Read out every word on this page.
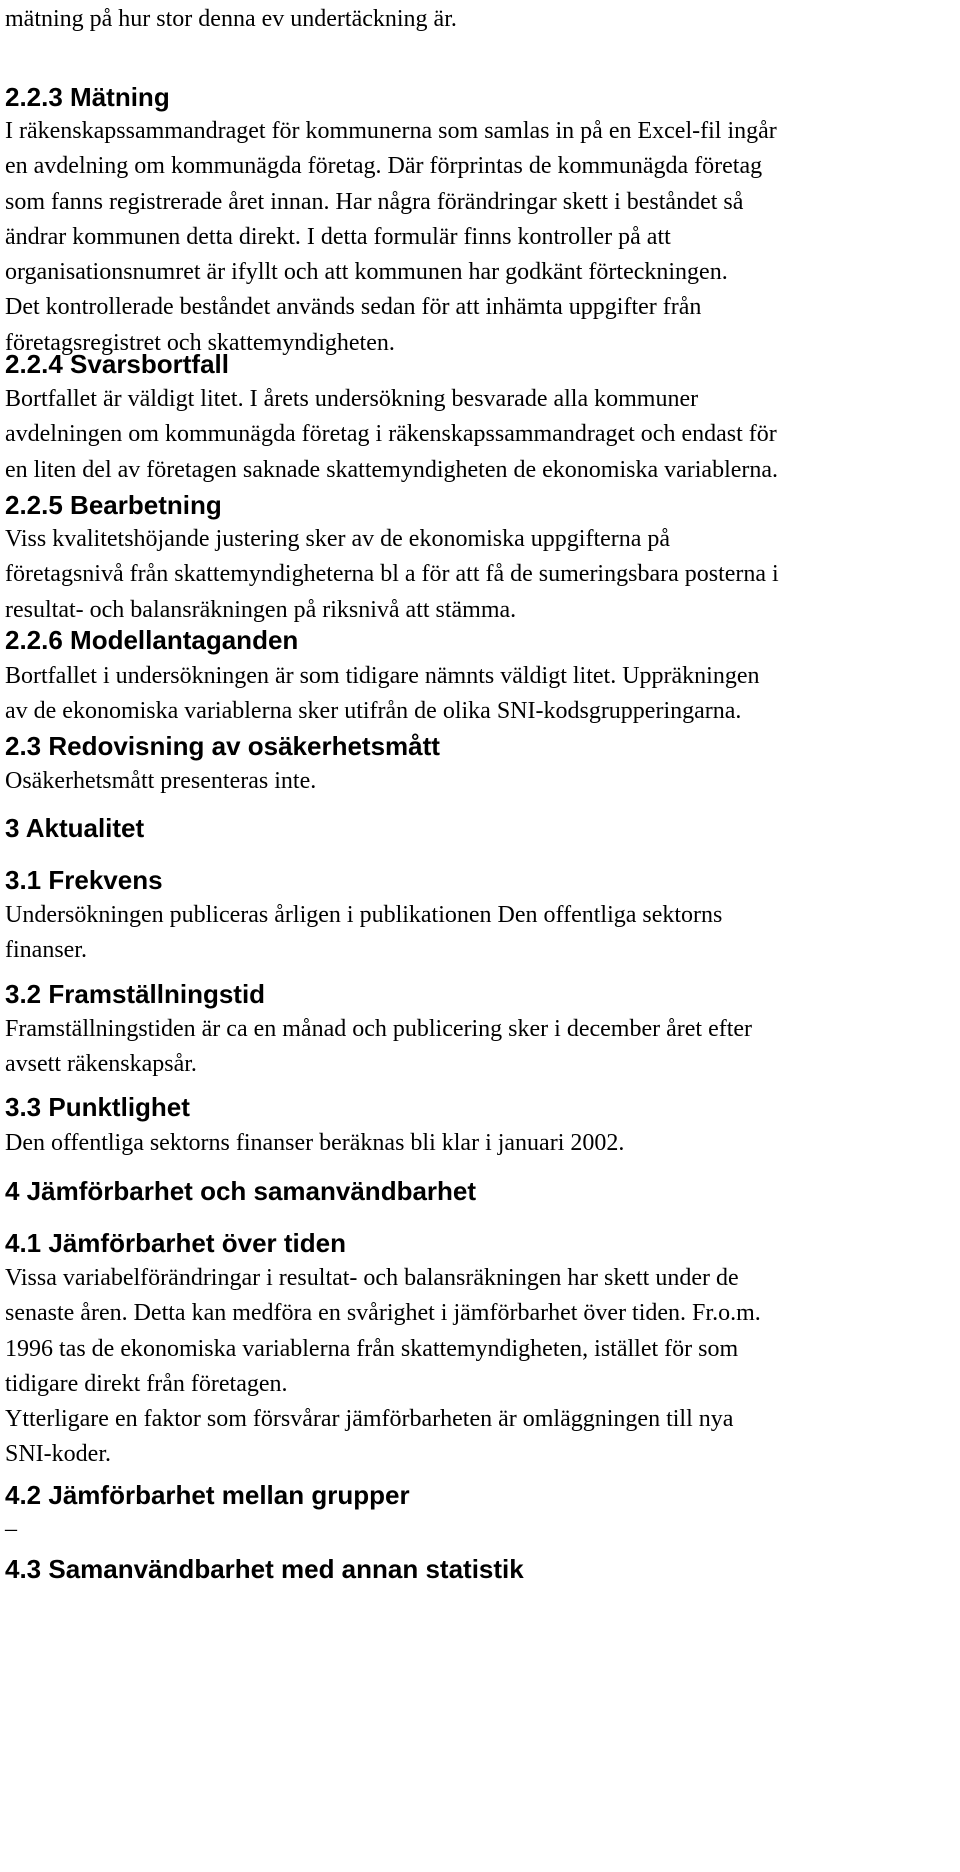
mätning på hur stor denna ev undertäckning är.
2.2.3 Mätning
I räkenskapssammandraget för kommunerna som samlas in på en Excel-fil ingår
en avdelning om kommunägda företag. Där förprintas de kommunägda företag
som fanns registrerade året innan. Har några förändringar skett i beståndet så
ändrar kommunen detta direkt. I detta formulär finns kontroller på att
organisationsnumret är ifyllt och att kommunen har godkänt förteckningen.
Det kontrollerade beståndet används sedan för att inhämta uppgifter från
företagsregistret och skattemyndigheten.
2.2.4 Svarsbortfall
Bortfallet är väldigt litet. I årets undersökning besvarade alla kommuner
avdelningen om kommunägda företag i räkenskapssammandraget och endast för
en liten del av företagen saknade skattemyndigheten de ekonomiska variablerna.
2.2.5 Bearbetning
Viss kvalitetshöjande justering sker av de ekonomiska uppgifterna på
företagsnivå från skattemyndigheterna bl a för att få de sumeringsbara posterna i
resultat- och balansräkningen på riksnivå att stämma.
2.2.6 Modellantaganden
Bortfallet i undersökningen är som tidigare nämnts väldigt litet. Uppräkningen
av de ekonomiska variablerna sker utifrån de olika SNI-kodsgrupperingarna.
2.3 Redovisning av osäkerhetsmått
Osäkerhetsmått presenteras inte.
3 Aktualitet
3.1 Frekvens
Undersökningen publiceras årligen i publikationen Den offentliga sektorns
finanser.
3.2 Framställningstid
Framställningstiden är ca en månad och publicering sker i december året efter
avsett räkenskapsår.
3.3 Punktlighet
Den offentliga sektorns finanser beräknas bli klar i januari 2002.
4 Jämförbarhet och samanvändbarhet
4.1 Jämförbarhet över tiden
Vissa variabelförändringar i resultat- och balansräkningen har skett under de
senaste åren. Detta kan medföra en svårighet i jämförbarhet över tiden. Fr.o.m.
1996 tas de ekonomiska variablerna från skattemyndigheten, istället för som
tidigare direkt från företagen.
Ytterligare en faktor som försvårar jämförbarheten är omläggningen till nya
SNI-koder.
4.2 Jämförbarhet mellan grupper
–
4.3 Samanvändbarhet med annan statistik
